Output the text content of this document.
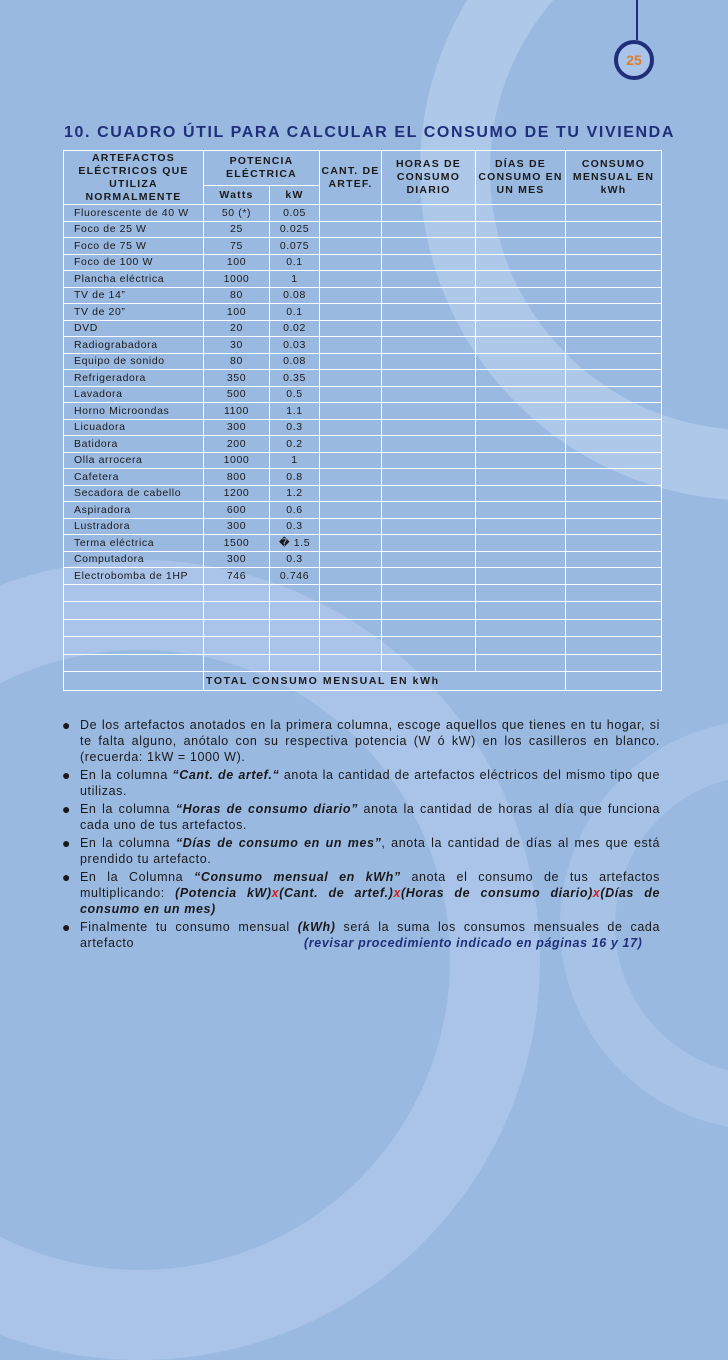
25
10. CUADRO ÚTIL PARA CALCULAR EL CONSUMO DE TU VIVIENDA
ARTEFACTOS ELÉCTRICOS QUE UTILIZA NORMALMENTE	POTENCIA ELÉCTRICA		CANT. DE ARTEF.	HORAS DE CONSUMO DIARIO	DÍAS DE CONSUMO EN UN MES	CONSUMO MENSUAL EN kWh
	Watts	kW				
Fluorescente de 40 W	50 (*)	0.05				
Foco de 25 W	25	0.025				
Foco de 75 W	75	0.075				
Foco de 100 W	100	0.1				
Plancha eléctrica	1000	1				
TV de 14”	80	0.08				
TV de 20”	100	0.1				
DVD	20	0.02				
Radiograbadora	30	0.03				
Equipo de sonido	80	0.08				
Refrigeradora	350	0.35				
Lavadora	500	0.5				
Horno Microondas	1100	1.1				
Licuadora	300	0.3				
Batidora	200	0.2				
Olla arrocera	1000	1				
Cafetera	800	0.8				
Secadora de cabello	1200	1.2				
Aspiradora	600	0.6				
Lustradora	300	0.3				
Terma eléctrica	1500	� 1.5				
Computadora	300	0.3				
Electrobomba de 1HP	746	0.746				

	TOTAL CONSUMO MENSUAL EN kWh					
● De los artefactos anotados en la primera columna, escoge aquellos que tienes en tu hogar, si te falta alguno, anótalo con su respectiva potencia (W ó kW) en los casilleros en blanco. (recuerda: 1kW = 1000 W).
● En la columna “Cant. de artef.“ anota la cantidad de artefactos eléctricos del mismo tipo que utilizas.
● En la columna “Horas de consumo diario” anota la cantidad de horas al día que funciona cada uno de tus artefactos.
● En la columna “Días de consumo en un mes”, anota la cantidad de días al mes que está prendido tu artefacto.
● En la Columna “Consumo mensual en kWh” anota el consumo de tus artefactos multiplicando: (Potencia kW)x(Cant. de artef.)x(Horas de consumo diario)x(Días de consumo en un mes)
● Finalmente tu consumo mensual (kWh) será la suma los consumos mensuales de cada artefacto	(revisar procedimiento indicado en páginas 16 y 17)
